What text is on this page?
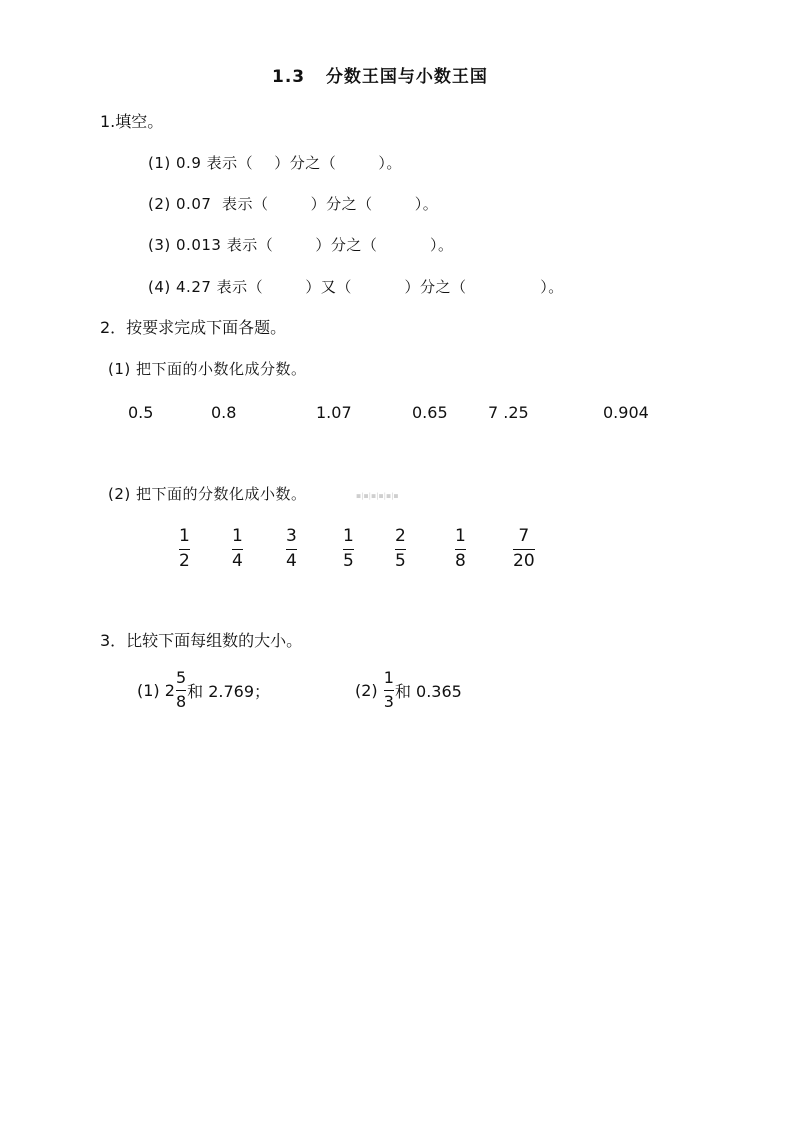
1.3   分数王国与小数王国
1.填空。
(1) 0.9 表示（    ）分之（        ）。
(2) 0.07  表示（        ）分之（        ）。
(3) 0.013 表示（        ）分之（          ）。
(4) 4.27 表示（        ）又（          ）分之（              ）。
2．按要求完成下面各题。
(1) 把下面的小数化成分数。
0.5	0.8	1.07	0.65	7 .25	0.904
(2) 把下面的分数化成小数。	◾|◾|◾|◾|◾|◾
1
2
1
4
3
4
1
5
2
5
1
8
7
20
3．比较下面每组数的大小。
(1) $2 \frac{5}{8}$ 和 2.769；	$(2) \frac{1}{3}$ 和 0.365
